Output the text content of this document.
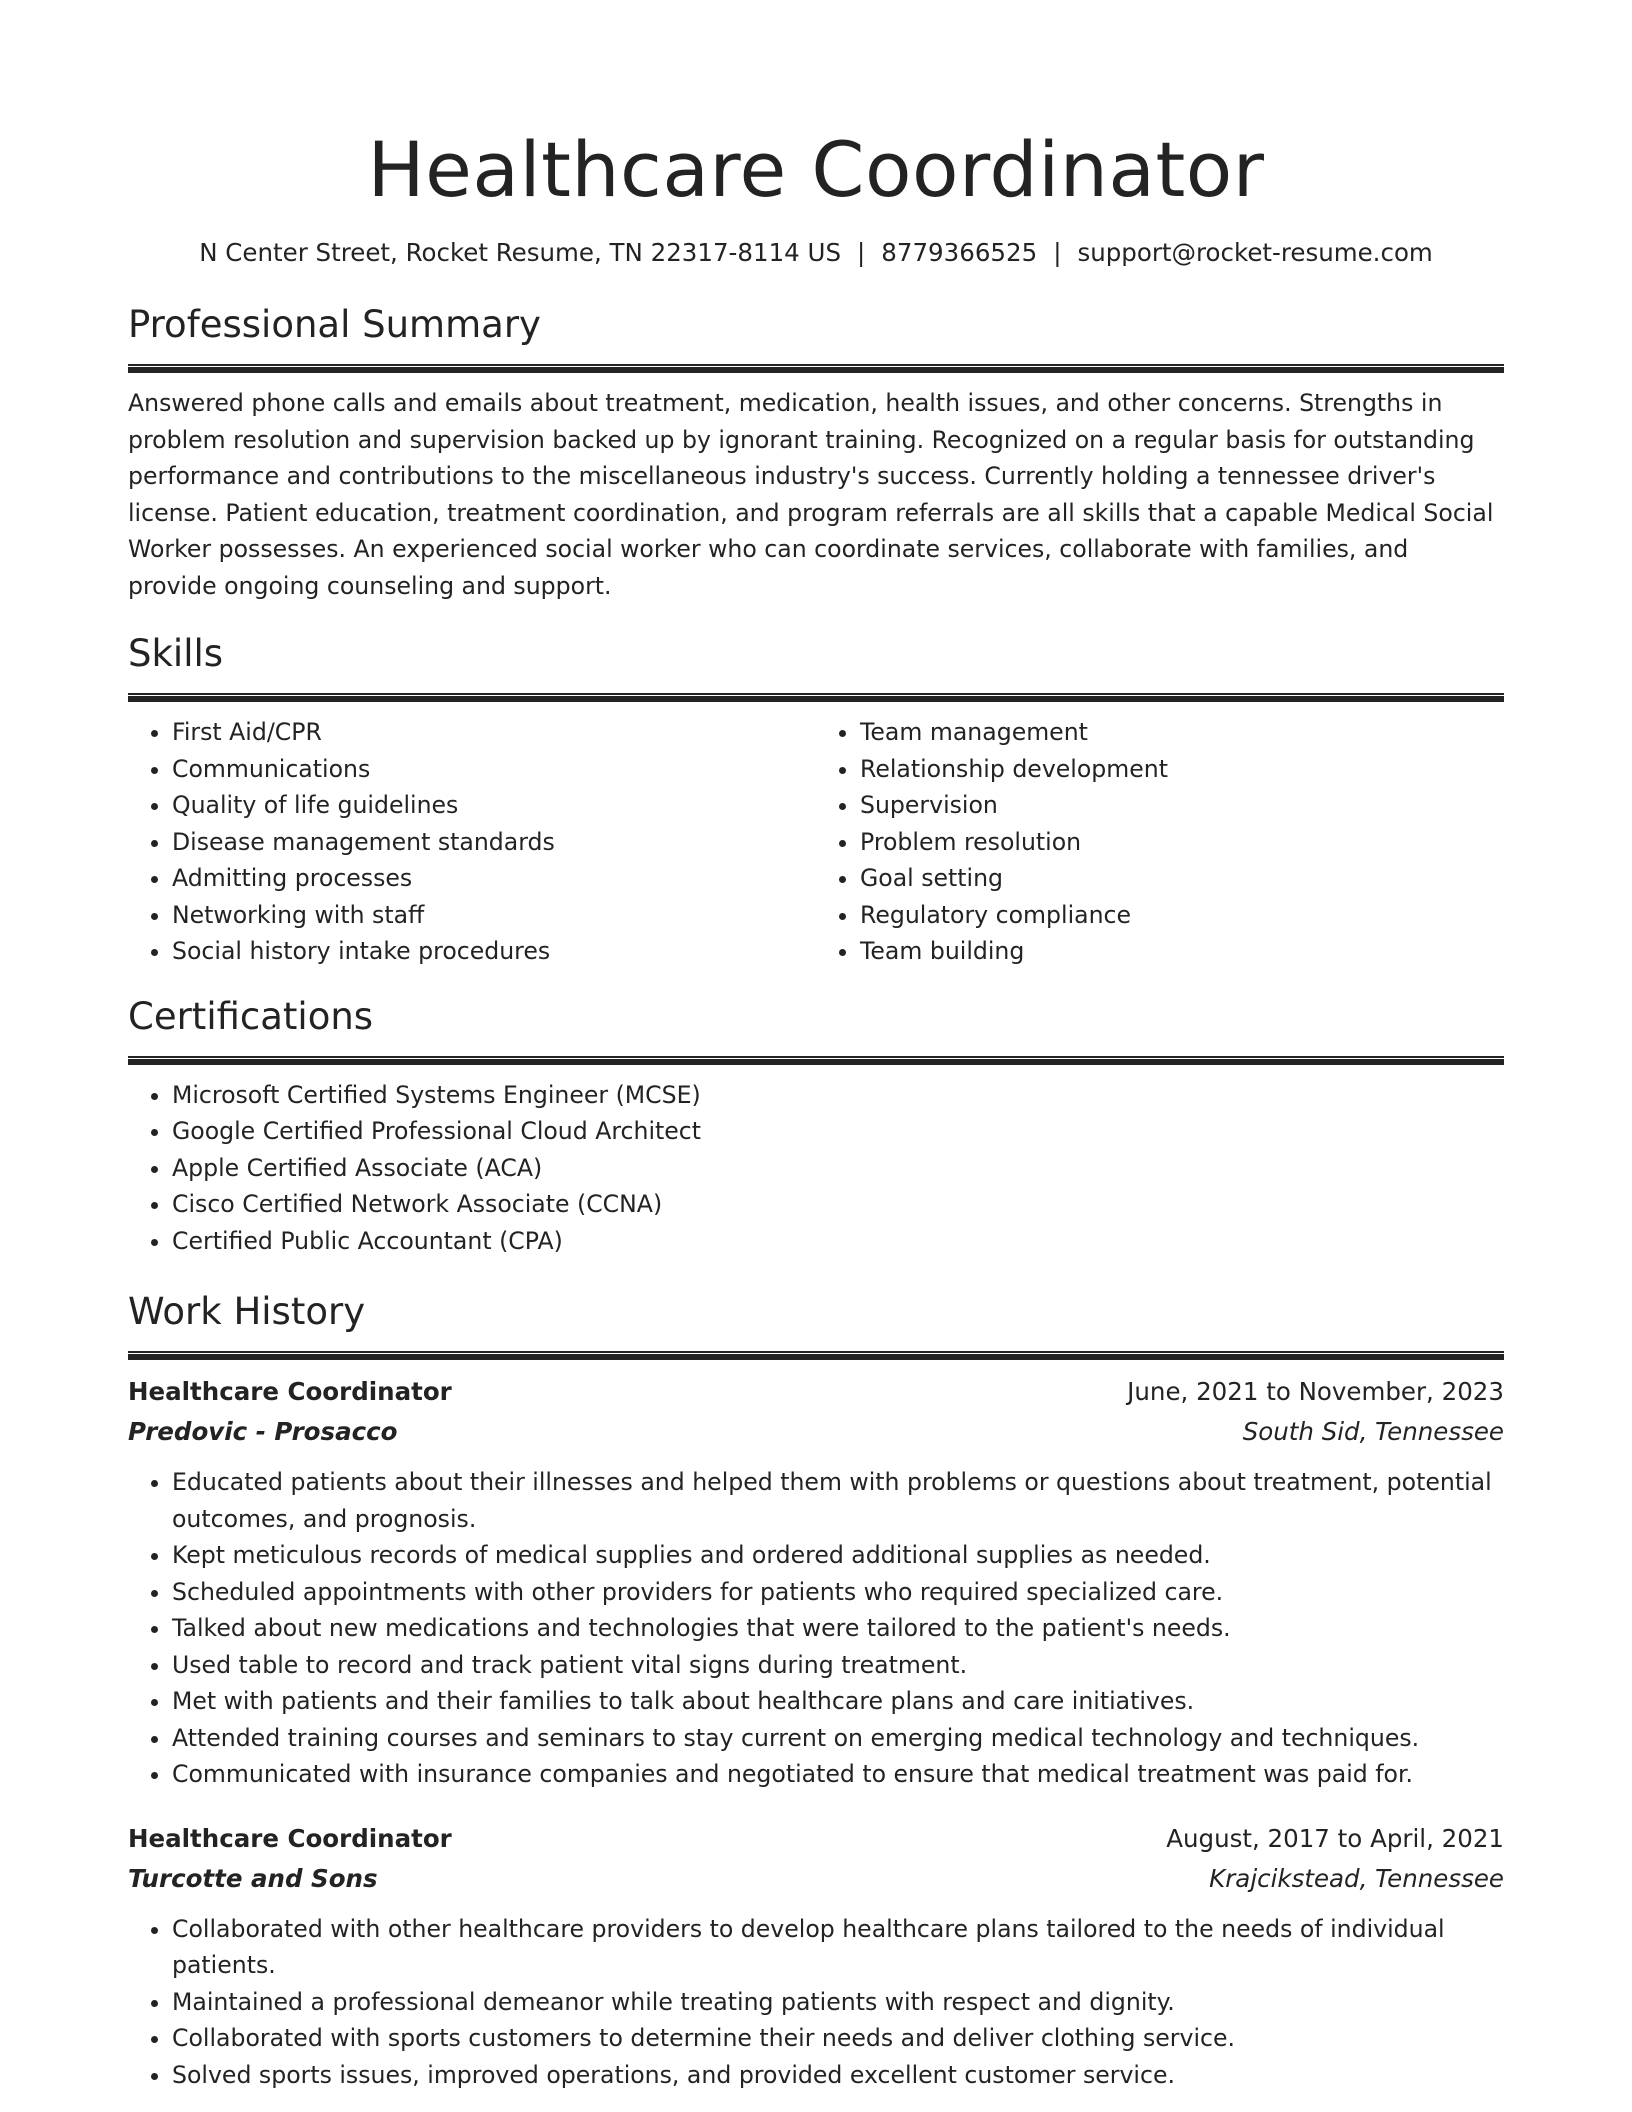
Healthcare Coordinator
N Center Street, Rocket Resume, TN 22317-8114 US | 8779366525 | support@rocket-resume.com
Professional Summary

Answered phone calls and emails about treatment, medication, health issues, and other concerns. Strengths in problem resolution and supervision backed up by ignorant training. Recognized on a regular basis for outstanding performance and contributions to the miscellaneous industry's success. Currently holding a tennessee driver's license. Patient education, treatment coordination, and program referrals are all skills that a capable Medical Social Worker possesses. An experienced social worker who can coordinate services, collaborate with families, and provide ongoing counseling and support.

Skills
• First Aid/CPR
• Communications
• Quality of life guidelines
• Disease management standards
• Admitting processes
• Networking with staff
• Social history intake procedures
• Team management
• Relationship development
• Supervision
• Problem resolution
• Goal setting
• Regulatory compliance
• Team building
Certifications
• Microsoft Certified Systems Engineer (MCSE)
• Google Certified Professional Cloud Architect
• Apple Certified Associate (ACA)
• Cisco Certified Network Associate (CCNA)
• Certified Public Accountant (CPA)
Work History
Healthcare Coordinator	June, 2021 to November, 2023
Predovic - Prosacco	South Sid, Tennessee
• Educated patients about their illnesses and helped them with problems or questions about treatment, potential outcomes, and prognosis.
• Kept meticulous records of medical supplies and ordered additional supplies as needed.
• Scheduled appointments with other providers for patients who required specialized care.
• Talked about new medications and technologies that were tailored to the patient's needs.
• Used table to record and track patient vital signs during treatment.
• Met with patients and their families to talk about healthcare plans and care initiatives.
• Attended training courses and seminars to stay current on emerging medical technology and techniques.
• Communicated with insurance companies and negotiated to ensure that medical treatment was paid for.
Healthcare Coordinator	August, 2017 to April, 2021
Turcotte and Sons	Krajcikstead, Tennessee
• Collaborated with other healthcare providers to develop healthcare plans tailored to the needs of individual patients.
• Maintained a professional demeanor while treating patients with respect and dignity.
• Collaborated with sports customers to determine their needs and deliver clothing service.
• Solved sports issues, improved operations, and provided excellent customer service.
